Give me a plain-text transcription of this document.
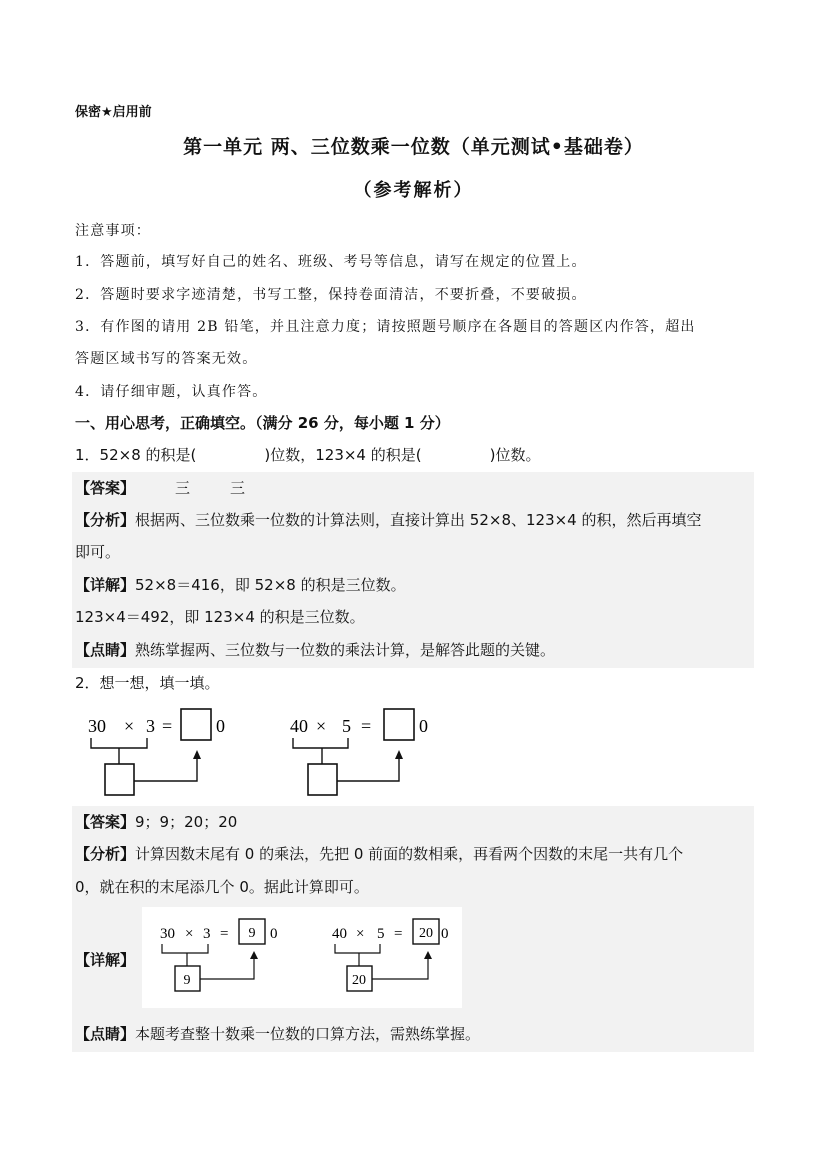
保密★启用前
第一单元 两、三位数乘一位数（单元测试•基础卷）
（参考解析）
注意事项：
1．答题前，填写好自己的姓名、班级、考号等信息，请写在规定的位置上。
2．答题时要求字迹清楚，书写工整，保持卷面清洁，不要折叠，不要破损。
3．有作图的请用 2B 铅笔，并且注意力度；请按照题号顺序在各题目的答题区内作答，超出
答题区域书写的答案无效。
4．请仔细审题，认真作答。
一、用心思考，正确填空。（满分 26 分，每小题 1 分）
1．52×8 的积是(	)位数，123×4 的积是(	)位数。
【答案】	三	三
【分析】根据两、三位数乘一位数的计算法则，直接计算出 52×8、123×4 的积，然后再填空
即可。
【详解】52×8＝416，即 52×8 的积是三位数。
123×4＝492，即 123×4 的积是三位数。
【点睛】熟练掌握两、三位数与一位数的乘法计算，是解答此题的关键。
2．想一想，填一填。
30 × 3 = 0	40 × 5 =	0
【答案】9；9；20；20
【分析】计算因数末尾有 0 的乘法，先把 0 前面的数相乘，再看两个因数的末尾一共有几个
0，就在积的末尾添几个 0。据此计算即可。
【详解】
30 × 3 = 9 0
9
40 × 5 = 20 0
20
【点睛】本题考查整十数乘一位数的口算方法，需熟练掌握。
